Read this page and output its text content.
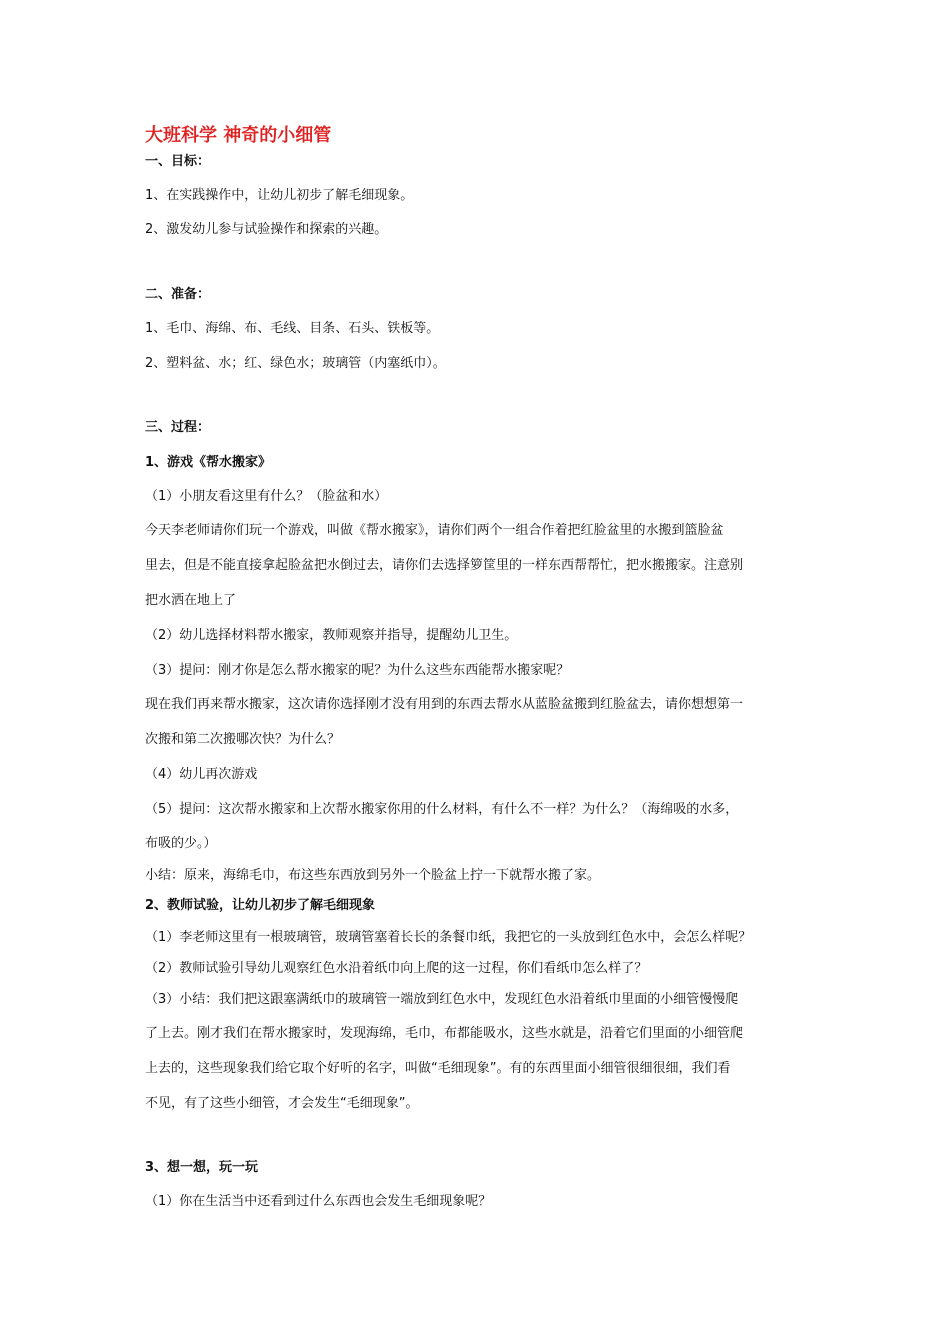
大班科学 神奇的小细管
一、目标：
1、在实践操作中，让幼儿初步了解毛细现象。
2、激发幼儿参与试验操作和探索的兴趣。
二、准备：
1、毛巾、海绵、布、毛线、目条、石头、铁板等。
2、塑料盆、水；红、绿色水；玻璃管（内塞纸巾）。
三、过程：
1、游戏《帮水搬家》
（1）小朋友看这里有什么？（脸盆和水）
今天李老师请你们玩一个游戏，叫做《帮水搬家》，请你们两个一组合作着把红脸盆里的水搬到篮脸盆
里去，但是不能直接拿起脸盆把水倒过去，请你们去选择箩筐里的一样东西帮帮忙，把水搬搬家。注意别
把水洒在地上了
（2）幼儿选择材料帮水搬家，教师观察并指导，提醒幼儿卫生。
（3）提问：刚才你是怎么帮水搬家的呢？为什么这些东西能帮水搬家呢？
现在我们再来帮水搬家，这次请你选择刚才没有用到的东西去帮水从蓝脸盆搬到红脸盆去，请你想想第一
次搬和第二次搬哪次快？为什么？
（4）幼儿再次游戏
（5）提问：这次帮水搬家和上次帮水搬家你用的什么材料，有什么不一样？为什么？（海绵吸的水多，
布吸的少。）
小结：原来，海绵毛巾，布这些东西放到另外一个脸盆上拧一下就帮水搬了家。
2、教师试验，让幼儿初步了解毛细现象
（1）李老师这里有一根玻璃管，玻璃管塞着长长的条餐巾纸，我把它的一头放到红色水中，会怎么样呢？
（2）教师试验引导幼儿观察红色水沿着纸巾向上爬的这一过程，你们看纸巾怎么样了？
（3）小结：我们把这跟塞满纸巾的玻璃管一端放到红色水中，发现红色水沿着纸巾里面的小细管慢慢爬
了上去。刚才我们在帮水搬家时，发现海绵，毛巾，布都能吸水，这些水就是，沿着它们里面的小细管爬
上去的，这些现象我们给它取个好听的名字，叫做“毛细现象”。有的东西里面小细管很细很细，我们看
不见，有了这些小细管，才会发生“毛细现象”。
3、想一想，玩一玩
（1）你在生活当中还看到过什么东西也会发生毛细现象呢？
